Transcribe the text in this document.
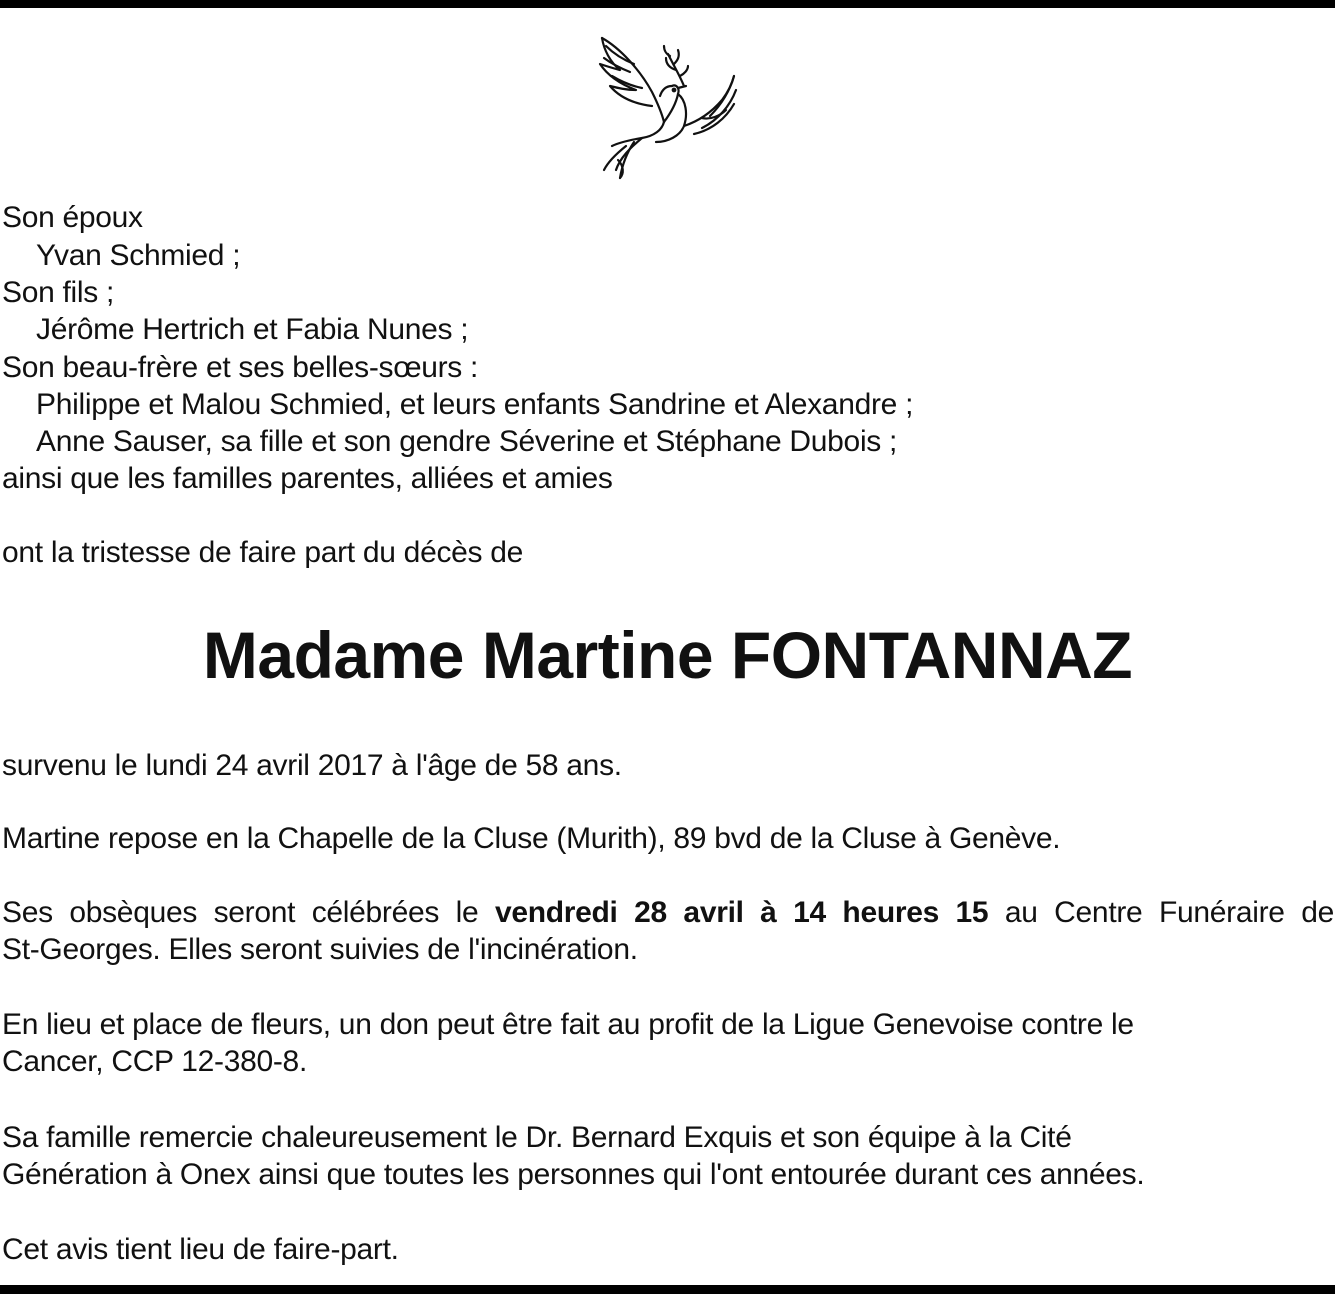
Son époux
Yvan Schmied ;
Son fils ;
Jérôme Hertrich et Fabia Nunes ;
Son beau-frère et ses belles-sœurs :
Philippe et Malou Schmied, et leurs enfants Sandrine et Alexandre ;
Anne Sauser, sa fille et son gendre Séverine et Stéphane Dubois ;
ainsi que les familles parentes, alliées et amies
ont la tristesse de faire part du décès de
Madame Martine FONTANNAZ
survenu le lundi 24 avril 2017 à l'âge de 58 ans.
Martine repose en la Chapelle de la Cluse (Murith), 89 bvd de la Cluse à Genève.
Ses obsèques seront célébrées le vendredi 28 avril à 14 heures 15 au Centre Funéraire de
St-Georges. Elles seront suivies de l'incinération.
En lieu et place de fleurs, un don peut être fait au profit de la Ligue Genevoise contre le
Cancer, CCP 12-380-8.
Sa famille remercie chaleureusement le Dr. Bernard Exquis et son équipe à la Cité
Génération à Onex ainsi que toutes les personnes qui l'ont entourée durant ces années.
Cet avis tient lieu de faire-part.
